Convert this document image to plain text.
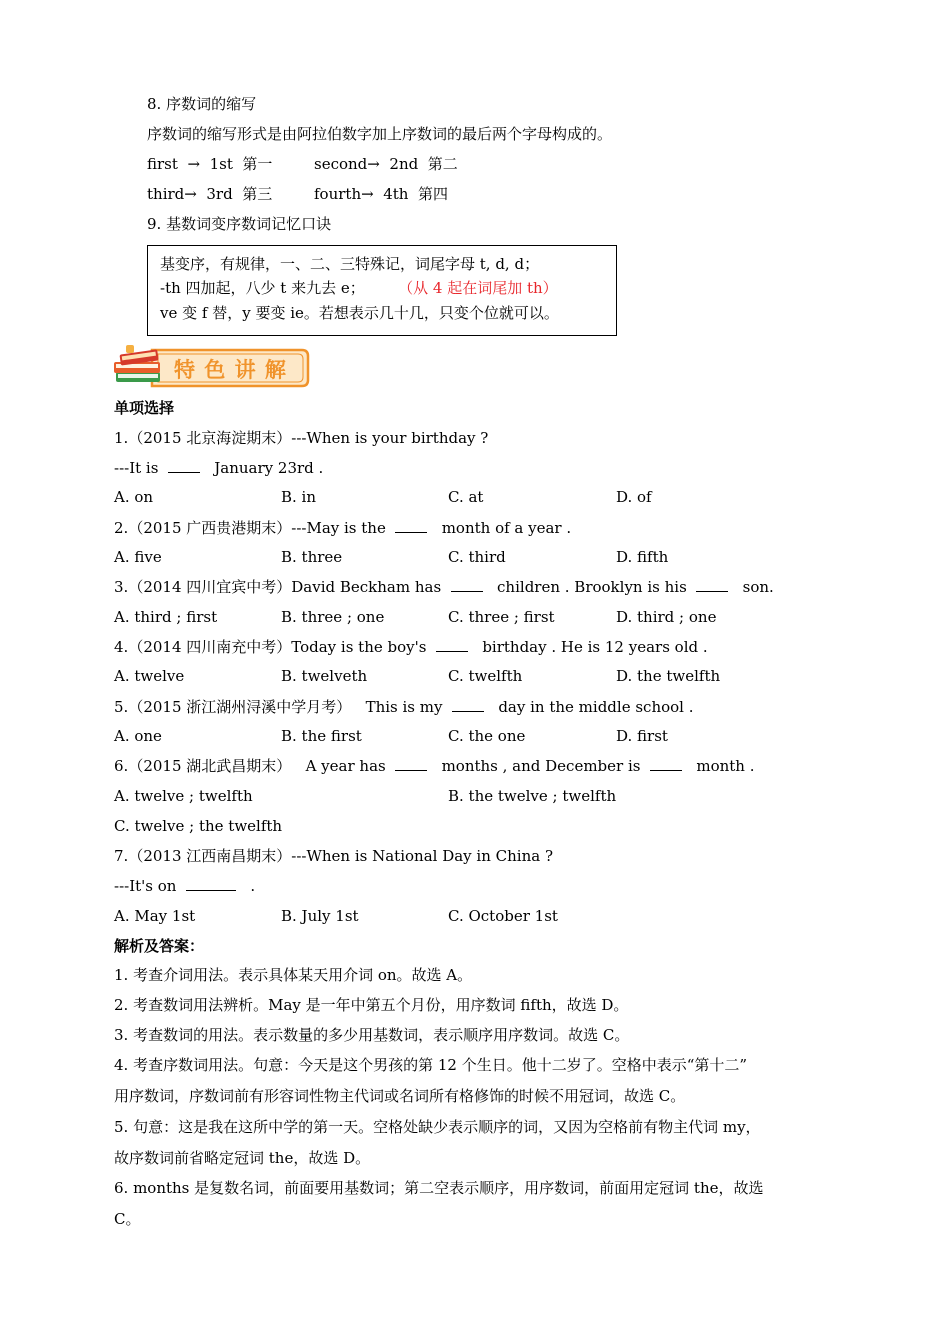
8. 序数词的缩写
序数词的缩写形式是由阿拉伯数字加上序数词的最后两个字母构成的。
first → 1st 第一	second→ 2nd 第二
third→ 3rd 第三	fourth→ 4th 第四
9. 基数词变序数词记忆口诀
基变序，有规律，一、二、三特殊记，词尾字母 t, d, d；
-th 四加起，八少 t 来九去 e； （从 4 起在词尾加 th）
ve 变 f 替，y 要变 ie。若想表示几十几，只变个位就可以。
特 色 讲 解
单项选择
1.（2015 北京海淀期末）---When is your birthday ?
---It is	January 23rd .
A. on	B. in	C. at	D. of
2.（2015 广西贵港期末）---May is the	month of a year .
A. five	B. three	C. third	D. fifth
3.（2014 四川宜宾中考）David Beckham has	children . Brooklyn is his	son.
A. third ; first	B. three ; one	C. three ; first	D. third ; one
4.（2014 四川南充中考）Today is the boy's	birthday . He is 12 years old .
A. twelve	B. twelveth	C. twelfth	D. the twelfth
5.（2015 浙江湖州浔溪中学月考） This is my	day in the middle school .
A. one	B. the first	C. the one	D. first
6.（2015 湖北武昌期末） A year has	months , and December is	month .
A. twelve ; twelfth	B. the twelve ; twelfth
C. twelve ; the twelfth
7.（2013 江西南昌期末）---When is National Day in China ?
---It's on	.
A. May 1st	B. July 1st	C. October 1st
解析及答案：
1. 考查介词用法。表示具体某天用介词 on。故选 A。
2. 考查数词用法辨析。May 是一年中第五个月份，用序数词 fifth，故选 D。
3. 考查数词的用法。表示数量的多少用基数词，表示顺序用序数词。故选 C。
4. 考查序数词用法。句意：今天是这个男孩的第 12 个生日。他十二岁了。空格中表示“第十二”
用序数词，序数词前有形容词性物主代词或名词所有格修饰的时候不用冠词，故选 C。
5. 句意：这是我在这所中学的第一天。空格处缺少表示顺序的词，又因为空格前有物主代词 my，
故序数词前省略定冠词 the，故选 D。
6. months 是复数名词，前面要用基数词；第二空表示顺序，用序数词，前面用定冠词 the，故选
C。
